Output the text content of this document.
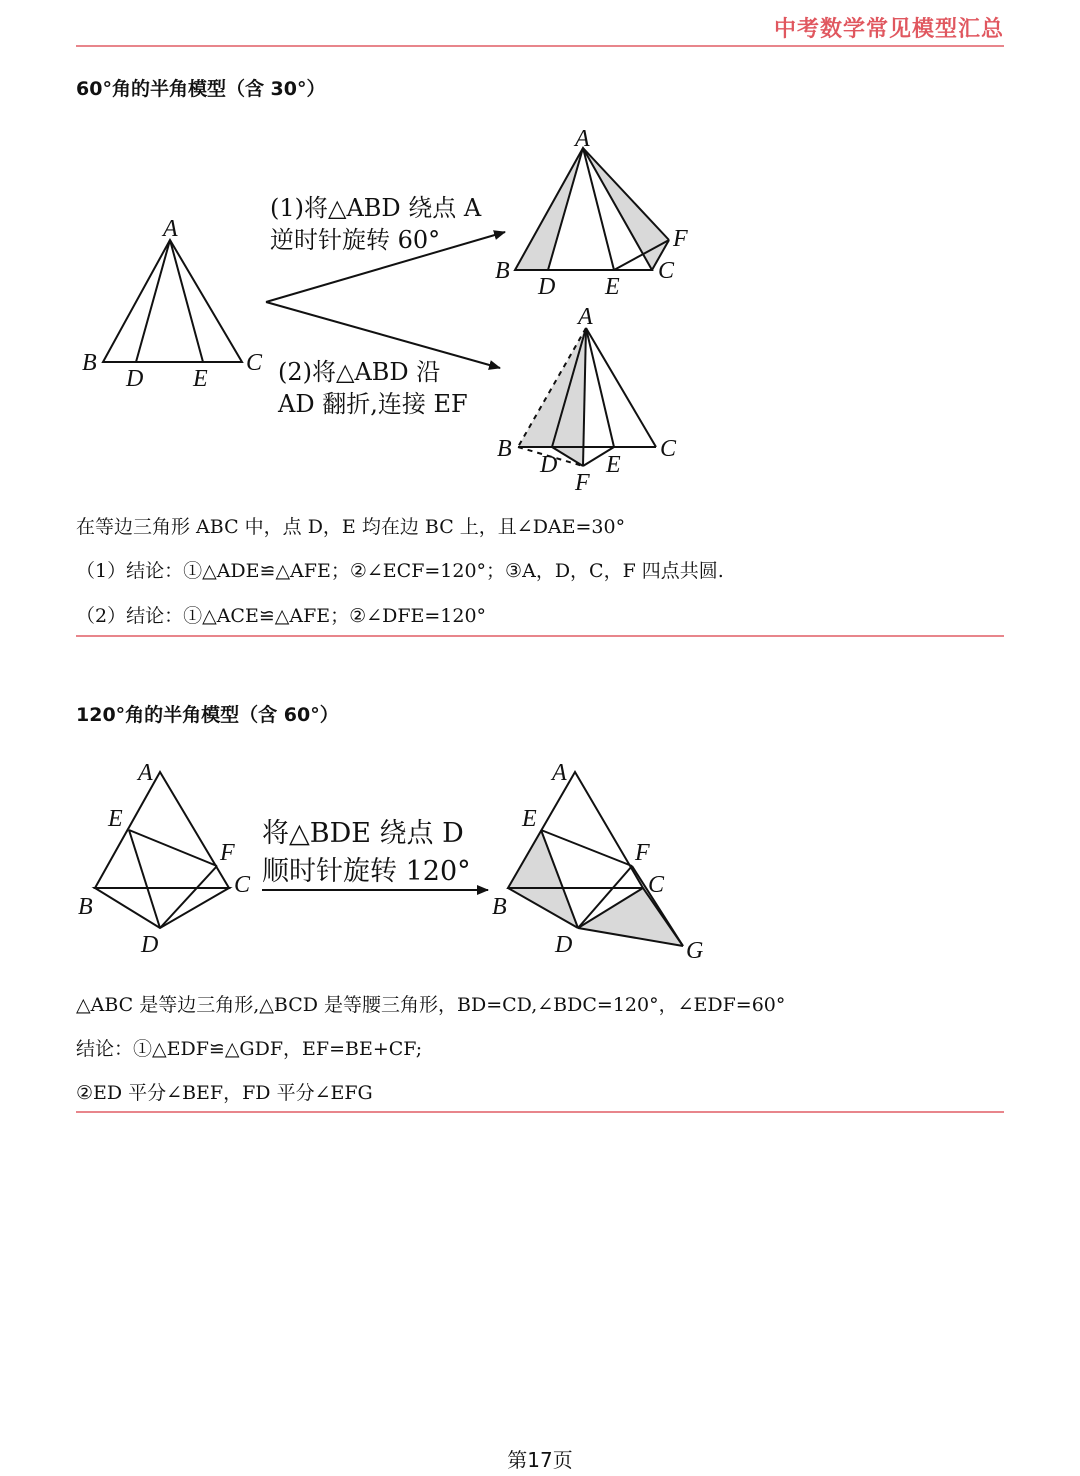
中考数学常见模型汇总
60°角的半角模型（含 30°）
A
B	C
D E
(1)将△ABD 绕点 A
逆时针旋转 60°
(2)将△ABD 沿
AD 翻折,连接 EF
A
B
D E
C
F
A
B
D E
C
F
在等边三角形 ABC 中，点 D，E 均在边 BC 上，且∠DAE=30°
（1）结论：①△ADE≌△AFE；②∠ECF=120°；③A，D，C，F 四点共圆.
（2）结论：①△ACE≌△AFE；②∠DFE=120°
120°角的半角模型（含 60°）
A
E
F
C
B
D
将△BDE 绕点 D
顺时针旋转 120°
A
E
F
C
B
D	G
△ABC 是等边三角形,△BCD 是等腰三角形，BD=CD,∠BDC=120°，∠EDF=60°
结论：①△EDF≌△GDF，EF=BE+CF;
②ED 平分∠BEF，FD 平分∠EFG
第17页
